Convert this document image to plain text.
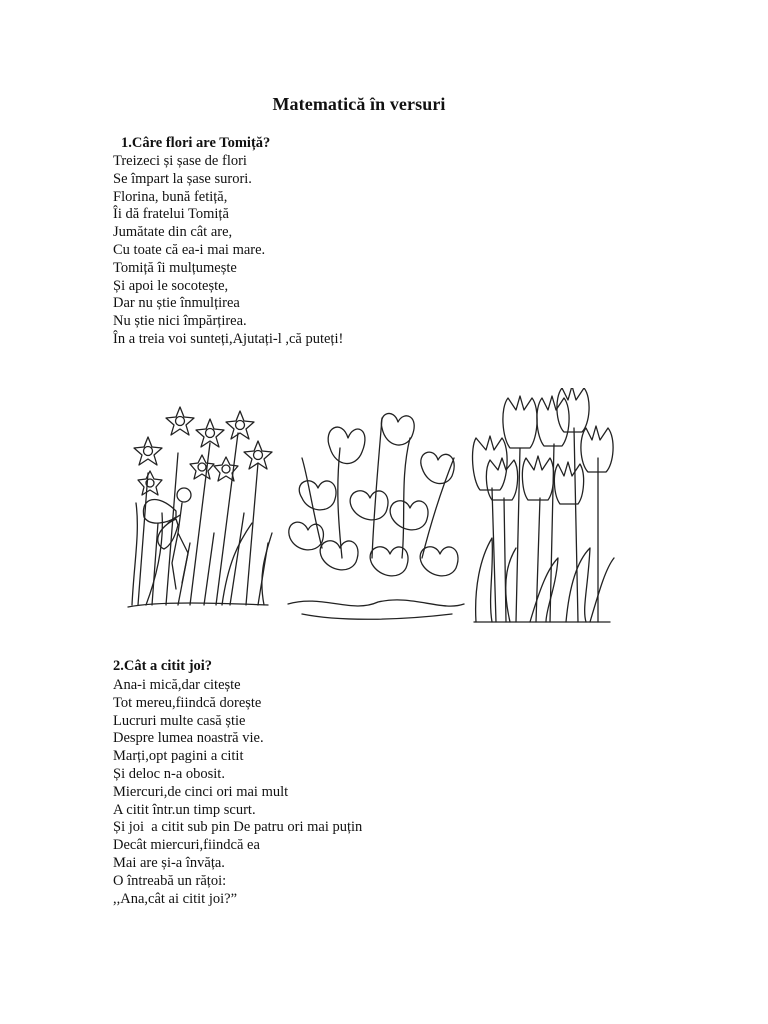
Matematică în versuri
1.Câre flori are Tomiță?
Treizeci și șase de flori
Se împart la șase surori.
Florina, bună fetiță,
Îi dă fratelui Tomiță
Jumătate din cât are,
Cu toate că ea-i mai mare.
Tomiță îi mulțumește
Și apoi le socotește,
Dar nu știe înmulțirea
Nu știe nici împărțirea.
În a treia voi sunteți,Ajutați-l ,că puteți!
2.Cât a citit joi?
Ana-i mică,dar citește
Tot mereu,fiindcă dorește
Lucruri multe casă știe
Despre lumea noastră vie.
Marți,opt pagini a citit
Și deloc n-a obosit.
Miercuri,de cinci ori mai mult
A citit într.un timp scurt.
Și joi  a citit sub pin De patru ori mai puțin
Decât miercuri,fiindcă ea
Mai are și-a învăța.
O întreabă un rățoi:
,,Ana,cât ai citit joi?”
